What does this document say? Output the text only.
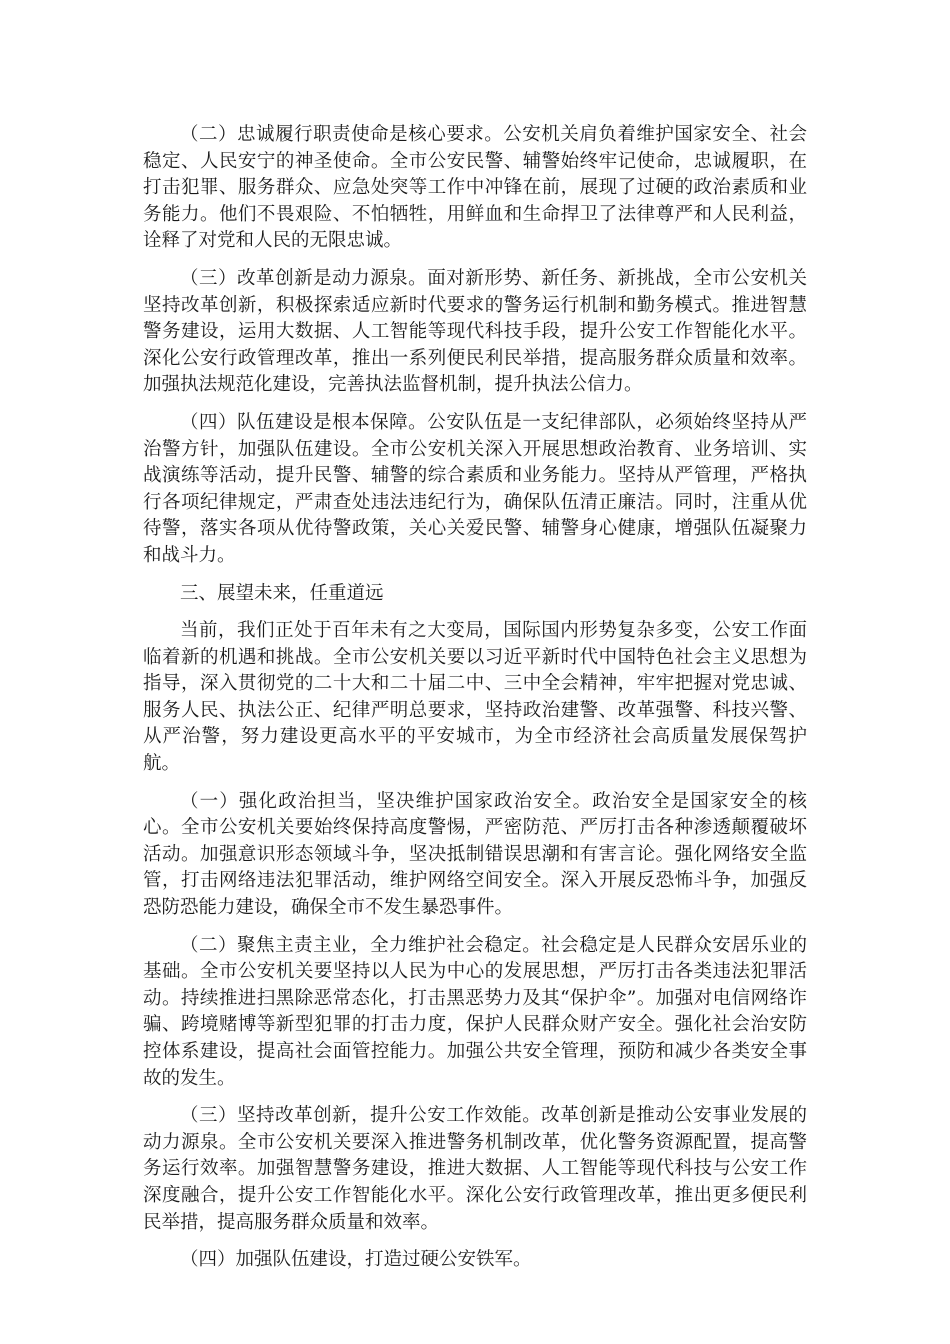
（二）忠诚履行职责使命是核心要求。公安机关肩负着维护国家安全、社会稳定、人民安宁的神圣使命。全市公安民警、辅警始终牢记使命，忠诚履职，在打击犯罪、服务群众、应急处突等工作中冲锋在前，展现了过硬的政治素质和业务能力。他们不畏艰险、不怕牺牲，用鲜血和生命捍卫了法律尊严和人民利益，诠释了对党和人民的无限忠诚。

（三）改革创新是动力源泉。面对新形势、新任务、新挑战，全市公安机关坚持改革创新，积极探索适应新时代要求的警务运行机制和勤务模式。推进智慧警务建设，运用大数据、人工智能等现代科技手段，提升公安工作智能化水平。深化公安行政管理改革，推出一系列便民利民举措，提高服务群众质量和效率。加强执法规范化建设，完善执法监督机制，提升执法公信力。

（四）队伍建设是根本保障。公安队伍是一支纪律部队，必须始终坚持从严治警方针，加强队伍建设。全市公安机关深入开展思想政治教育、业务培训、实战演练等活动，提升民警、辅警的综合素质和业务能力。坚持从严管理，严格执行各项纪律规定，严肃查处违法违纪行为，确保队伍清正廉洁。同时，注重从优待警，落实各项从优待警政策，关心关爱民警、辅警身心健康，增强队伍凝聚力和战斗力。

三、展望未来，任重道远

当前，我们正处于百年未有之大变局，国际国内形势复杂多变，公安工作面临着新的机遇和挑战。全市公安机关要以习近平新时代中国特色社会主义思想为指导，深入贯彻党的二十大和二十届二中、三中全会精神，牢牢把握对党忠诚、服务人民、执法公正、纪律严明总要求，坚持政治建警、改革强警、科技兴警、从严治警，努力建设更高水平的平安城市，为全市经济社会高质量发展保驾护航。

（一）强化政治担当，坚决维护国家政治安全。政治安全是国家安全的核心。全市公安机关要始终保持高度警惕，严密防范、严厉打击各种渗透颠覆破坏活动。加强意识形态领域斗争，坚决抵制错误思潮和有害言论。强化网络安全监管，打击网络违法犯罪活动，维护网络空间安全。深入开展反恐怖斗争，加强反恐防恐能力建设，确保全市不发生暴恐事件。

（二）聚焦主责主业，全力维护社会稳定。社会稳定是人民群众安居乐业的基础。全市公安机关要坚持以人民为中心的发展思想，严厉打击各类违法犯罪活动。持续推进扫黑除恶常态化，打击黑恶势力及其“保护伞”。加强对电信网络诈骗、跨境赌博等新型犯罪的打击力度，保护人民群众财产安全。强化社会治安防控体系建设，提高社会面管控能力。加强公共安全管理，预防和减少各类安全事故的发生。

（三）坚持改革创新，提升公安工作效能。改革创新是推动公安事业发展的动力源泉。全市公安机关要深入推进警务机制改革，优化警务资源配置，提高警务运行效率。加强智慧警务建设，推进大数据、人工智能等现代科技与公安工作深度融合，提升公安工作智能化水平。深化公安行政管理改革，推出更多便民利民举措，提高服务群众质量和效率。

（四）加强队伍建设，打造过硬公安铁军。
